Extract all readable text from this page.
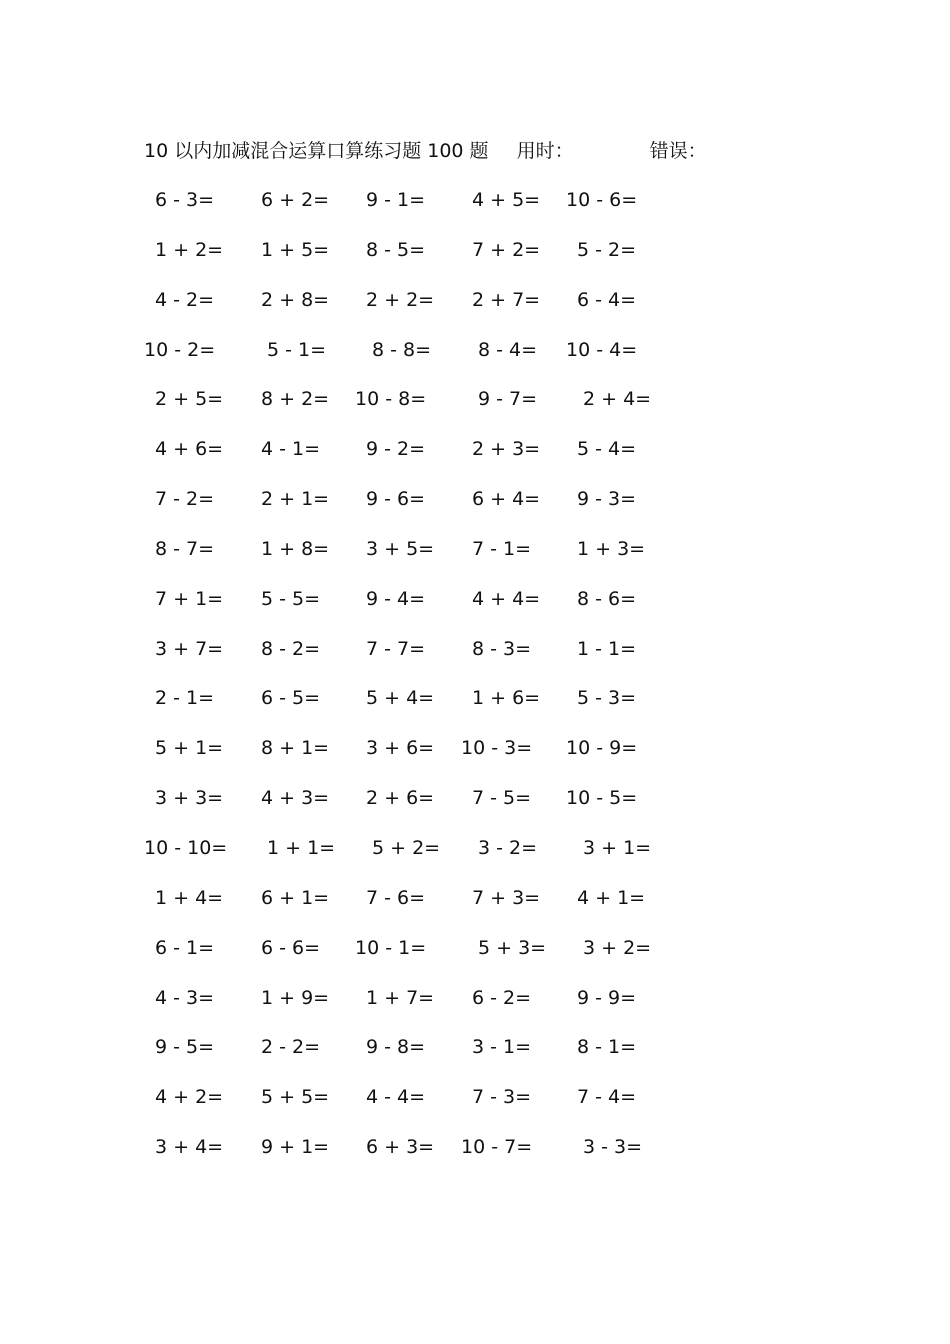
10 以内加减混合运算口算练习题 100 题 用时：	错误：
6 - 3=	6 + 2=	9 - 1=	4 + 5=	10 - 6=
1 + 2=	1 + 5=	8 - 5=	7 + 2=	5 - 2=
4 - 2=	2 + 8=	2 + 2=	2 + 7=	6 - 4=
10 - 2=	5 - 1=	8 - 8=	8 - 4=	10 - 4=
2 + 5=	8 + 2=	10 - 8=	9 - 7=	2 + 4=
4 + 6=	4 - 1=	9 - 2=	2 + 3=	5 - 4=
7 - 2=	2 + 1=	9 - 6=	6 + 4=	9 - 3=
8 - 7=	1 + 8=	3 + 5=	7 - 1=	1 + 3=
7 + 1=	5 - 5=	9 - 4=	4 + 4=	8 - 6=
3 + 7=	8 - 2=	7 - 7=	8 - 3=	1 - 1=
2 - 1=	6 - 5=	5 + 4=	1 + 6=	5 - 3=
5 + 1=	8 + 1=	3 + 6=	10 - 3=	10 - 9=
3 + 3=	4 + 3=	2 + 6=	7 - 5=	10 - 5=
10 - 10=	1 + 1=	5 + 2=	3 - 2=	3 + 1=
1 + 4=	6 + 1=	7 - 6=	7 + 3=	4 + 1=
6 - 1=	6 - 6=	10 - 1=	5 + 3=	3 + 2=
4 - 3=	1 + 9=	1 + 7=	6 - 2=	9 - 9=
9 - 5=	2 - 2=	9 - 8=	3 - 1=	8 - 1=
4 + 2=	5 + 5=	4 - 4=	7 - 3=	7 - 4=
3 + 4=	9 + 1=	6 + 3=	10 - 7=	3 - 3=
